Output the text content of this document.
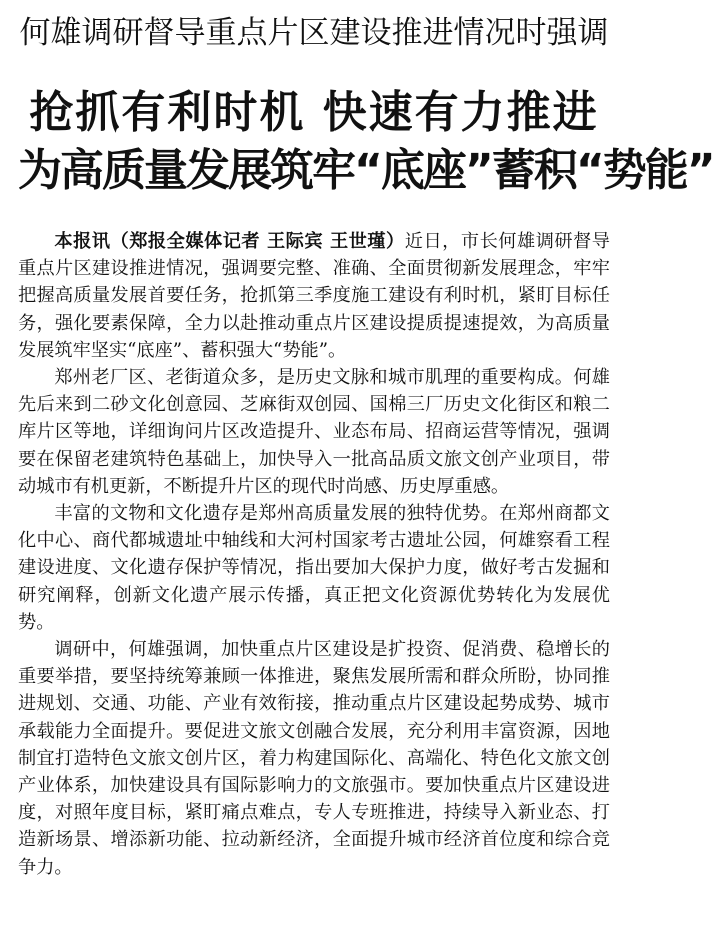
何雄调研督导重点片区建设推进情况时强调
抢抓有利时机 快速有力推进
为高质量发展筑牢“底座”蓄积“势能”

本报讯（郑报全媒体记者 王际宾 王世瑾）近日，市长何雄调研督导重点片区建设推进情况，强调要完整、准确、全面贯彻新发展理念，牢牢把握高质量发展首要任务，抢抓第三季度施工建设有利时机，紧盯目标任务，强化要素保障，全力以赴推动重点片区建设提质提速提效，为高质量发展筑牢坚实“底座”、蓄积强大“势能”。

郑州老厂区、老街道众多，是历史文脉和城市肌理的重要构成。何雄先后来到二砂文化创意园、芝麻街双创园、国棉三厂历史文化街区和粮二库片区等地，详细询问片区改造提升、业态布局、招商运营等情况，强调要在保留老建筑特色基础上，加快导入一批高品质文旅文创产业项目，带动城市有机更新，不断提升片区的现代时尚感、历史厚重感。

丰富的文物和文化遗存是郑州高质量发展的独特优势。在郑州商都文化中心、商代都城遗址中轴线和大河村国家考古遗址公园，何雄察看工程建设进度、文化遗存保护等情况，指出要加大保护力度，做好考古发掘和研究阐释，创新文化遗产展示传播，真正把文化资源优势转化为发展优势。

调研中，何雄强调，加快重点片区建设是扩投资、促消费、稳增长的重要举措，要坚持统筹兼顾一体推进，聚焦发展所需和群众所盼，协同推进规划、交通、功能、产业有效衔接，推动重点片区建设起势成势、城市承载能力全面提升。要促进文旅文创融合发展，充分利用丰富资源，因地制宜打造特色文旅文创片区，着力构建国际化、高端化、特色化文旅文创产业体系，加快建设具有国际影响力的文旅强市。要加快重点片区建设进度，对照年度目标，紧盯痛点难点，专人专班推进，持续导入新业态、打造新场景、增添新功能、拉动新经济，全面提升城市经济首位度和综合竞争力。
